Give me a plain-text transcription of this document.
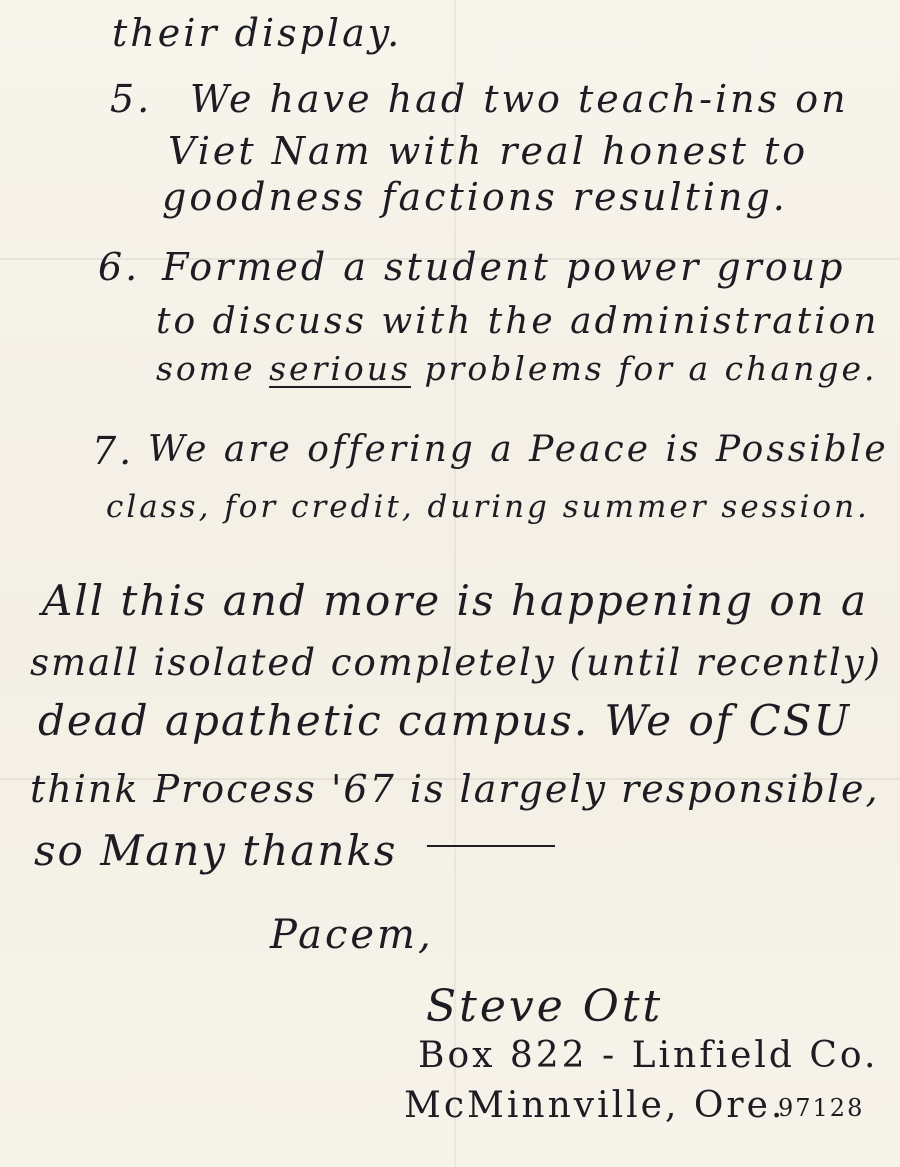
their display.
5. We have had two teach-ins on
Viet Nam with real honest to
goodness factions resulting.
6. Formed a student power group
to discuss with the administration
some serious problems for a change.
7. We are offering a Peace is Possible
class, for credit, during summer session.
All this and more is happening on a
small isolated completely (until recently)
dead apathetic campus. We of CSU
think Process '67 is largely responsible,
so Many thanks
Pacem,
Steve Ott
Box 822 - Linfield Co.
McMinnville, Ore.
97128
